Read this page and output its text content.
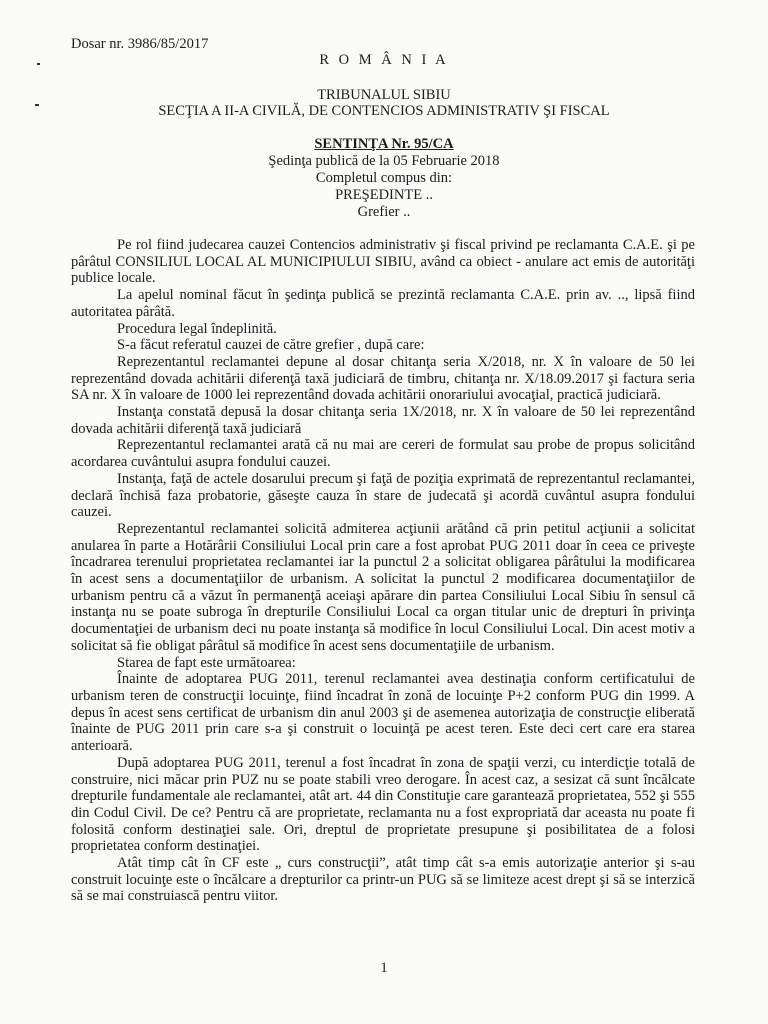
Dosar nr. 3986/85/2017
R O M Â N I A
TRIBUNALUL SIBIU
SECŢIA A II-A CIVILĂ, DE CONTENCIOS ADMINISTRATIV ŞI FISCAL
SENTINŢA Nr. 95/CA
Şedinţa publică de la 05 Februarie 2018
Completul compus din:
PREŞEDINTE ..
Grefier ..

Pe rol fiind judecarea cauzei Contencios administrativ şi fiscal privind pe reclamanta C.A.E. şi pe pârâtul CONSILIUL LOCAL AL MUNICIPIULUI SIBIU, având ca obiect - anulare act emis de autorităţi publice locale.

La apelul nominal făcut în şedinţa publică se prezintă reclamanta C.A.E. prin av. .., lipsă fiind autoritatea pârâtă.

Procedura legal îndeplinită.

S-a făcut referatul cauzei de către grefier , după care:

Reprezentantul reclamantei depune al dosar chitanţa seria X/2018, nr. X în valoare de 50 lei reprezentând dovada achitării diferenţă taxă judiciară de timbru, chitanţa nr. X/18.09.2017 şi factura seria SA nr. X în valoare de 1000 lei reprezentând dovada achitării onorariului avocaţial, practică judiciară.

Instanţa constată depusă la dosar chitanţa seria 1X/2018, nr. X în valoare de 50 lei reprezentând dovada achitării diferenţă taxă judiciară

Reprezentantul reclamantei arată că nu mai are cereri de formulat sau probe de propus solicitând acordarea cuvântului asupra fondului cauzei.

Instanţa, faţă de actele dosarului precum şi faţă de poziţia exprimată de reprezentantul reclamantei, declară închisă faza probatorie, găseşte cauza în stare de judecată şi acordă cuvântul asupra fondului cauzei.

Reprezentantul reclamantei solicită admiterea acţiunii arătând că prin petitul acţiunii a solicitat anularea în parte a Hotărârii Consiliului Local prin care a fost aprobat PUG 2011 doar în ceea ce priveşte încadrarea terenului proprietatea reclamantei iar la punctul 2 a solicitat obligarea pârâtului la modificarea în acest sens a documentaţiilor de urbanism. A solicitat la punctul 2 modificarea documentaţiilor de urbanism pentru că a văzut în permanenţă aceiaşi apărare din partea Consiliului Local Sibiu în sensul că instanţa nu se poate subroga în drepturile Consiliului Local ca organ titular unic de drepturi în privinţa documentaţiei de urbanism deci nu poate instanţa să modifice în locul Consiliului Local. Din acest motiv a solicitat să fie obligat pârâtul să modifice în acest sens documentaţiile de urbanism.

Starea de fapt este următoarea:

Înainte de adoptarea PUG 2011, terenul reclamantei avea destinaţia conform certificatului de urbanism teren de construcţii locuinţe, fiind încadrat în zonă de locuinţe P+2 conform PUG din 1999. A depus în acest sens certificat de urbanism din anul 2003 şi de asemenea autorizaţia de construcţie eliberată înainte de PUG 2011 prin care s-a şi construit o locuinţă pe acest teren. Este deci cert care era starea anterioară.

După adoptarea PUG 2011, terenul a fost încadrat în zona de spaţii verzi, cu interdicţie totală de construire, nici măcar prin PUZ nu se poate stabili vreo derogare. În acest caz, a sesizat că sunt încălcate drepturile fundamentale ale reclamantei, atât art. 44 din Constituţie care garantează proprietatea, 552 şi 555 din Codul Civil. De ce? Pentru că are proprietate, reclamanta nu a fost expropriată dar aceasta nu poate fi folosită conform destinaţiei sale. Ori, dreptul de proprietate presupune şi posibilitatea de a folosi proprietatea conform destinaţiei.

Atât timp cât în CF este „ curs construcţii”, atât timp cât s-a emis autorizaţie anterior şi s-au construit locuinţe este o încălcare a drepturilor ca printr-un PUG să se limiteze acest drept şi să se interzică să se mai construiască pentru viitor.

1
